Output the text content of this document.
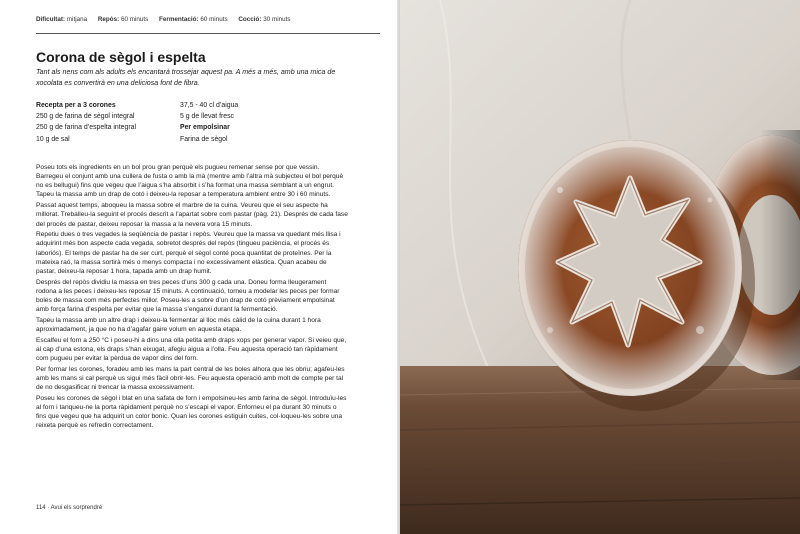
Dificultat: mitjana Repòs: 60 minuts Fermentació: 60 minuts Cocció: 30 minuts
Corona de sègol i espelta
Tant als nens com als adults els encantarà trossejar aquest pa. A més a més, amb una mica de xocolata es convertirà en una deliciosa font de fibra.
Recepta per a 3 corones
250 g de farina de sègol integral
250 g de farina d’espelta integral
10 g de sal
37,5 - 40 cl d’aigua
5 g de llevat fresc
Per empolsinar
Farina de sègol

Poseu tots els ingredients en un bol prou gran perquè els pugueu remenar sense por que vessin. Barregeu el conjunt amb una cullera de fusta o amb la mà (mentre amb l’altra mà subjecteu el bol perquè no es bellugui) fins que vegeu que l’aigua s’ha absorbit i s’ha format una massa semblant a un engrut. Tapeu la massa amb un drap de cotó i deixeu-la reposar a temperatura ambient entre 30 i 60 minuts.

Passat aquest temps, aboqueu la massa sobre el marbre de la cuina. Veureu que el seu aspecte ha millorat. Treballeu-la seguint el procés descrit a l’apartat sobre com pastar (pàg. 21). Després de cada fase del procés de pastar, deixeu reposar la massa a la nevera vora 15 minuts.

Repetiu dues o tres vegades la seqüència de pastar i repòs. Veureu que la massa va quedant més llisa i adquirint més bon aspecte cada vegada, sobretot després del repòs (tingueu paciència, el procés és laboriós). El temps de pastar ha de ser curt, perquè el sègol conté poca quantitat de proteïnes. Per la mateixa raó, la massa sortirà més o menys compacta i no excessivament elàstica. Quan acabeu de pastar, deixeu-la reposar 1 hora, tapada amb un drap humit.

Després del repòs dividiu la massa en tres peces d’uns 300 g cada una. Doneu forma lleugerament rodona a les peces i deixeu-les reposar 15 minuts. A continuació, torneu a modelar les peces per formar boles de massa com més perfectes millor. Poseu-les a sobre d’un drap de cotó prèviament empolsinat amb força farina d’espelta per evitar que la massa s’enganxi durant la fermentació.

Tapeu la massa amb un altre drap i deixeu-la fermentar al lloc més càlid de la cuina durant 1 hora aproximadament, ja que no ha d’agafar gaire volum en aquesta etapa.

Escalfeu el forn a 250 °C i poseu-hi a dins una olla petita amb draps xops per generar vapor. Si veieu que, al cap d’una estona, els draps s’han eixugat, afegiu aigua a l’olla. Feu aquesta operació tan ràpidament com pugueu per evitar la pèrdua de vapor dins del forn.

Per formar les corones, foradeu amb les mans la part central de les boles alhora que les obriu; agafeu-les amb les mans si cal perquè us sigui més fàcil obrir-les. Feu aquesta operació amb molt de compte per tal de no desgasificar ni trencar la massa excessivament.

Poseu les corones de sègol i blat en una safata de forn i empolsineu-les amb farina de sègol. Introduïu-les al forn i tanqueu-ne la porta ràpidament perquè no s’escapi el vapor. Enforneu el pa durant 30 minuts o fins que vegeu que ha adquirit un color bonic. Quan les corones estiguin cuites, col·loqueu-les sobre una reixeta perquè es refredin correctament.

114 · Avui els sorprendré
